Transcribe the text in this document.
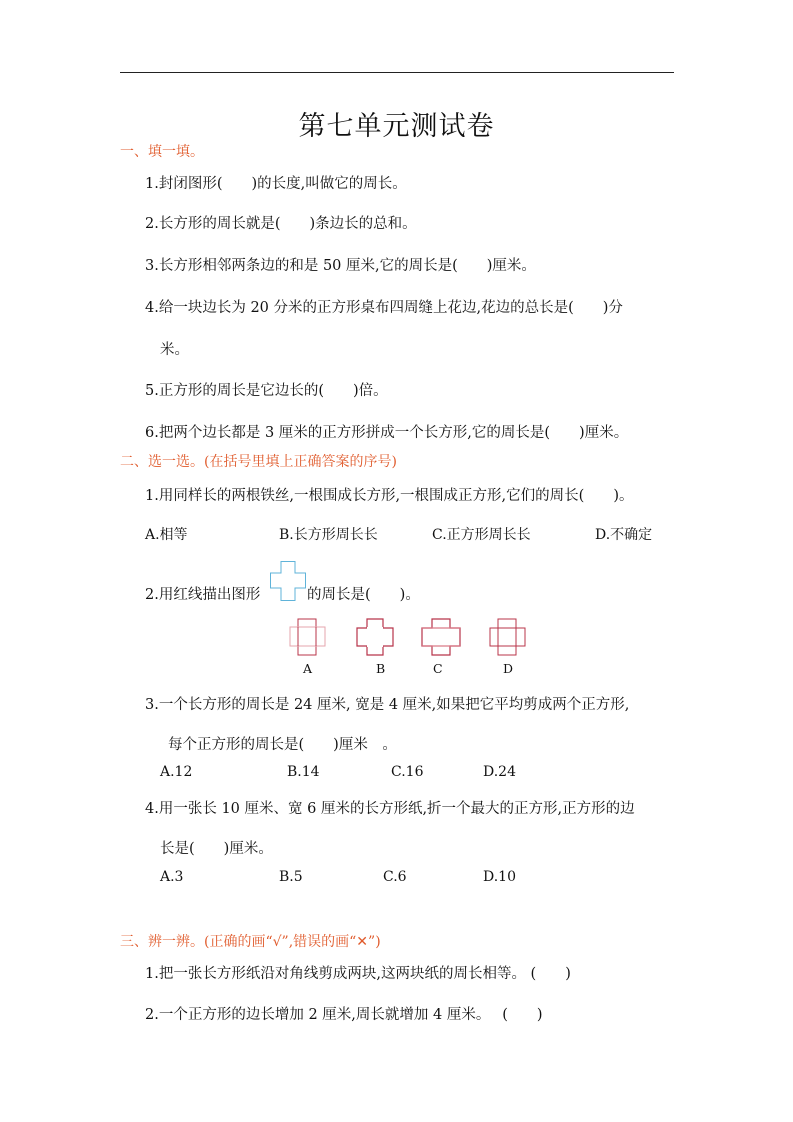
第七单元测试卷
一、填一填。
1.封闭图形(　　)的长度,叫做它的周长。
2.长方形的周长就是(　　)条边长的总和。
3.长方形相邻两条边的和是 50 厘米,它的周长是(　　)厘米。
4.给一块边长为 20 分米的正方形桌布四周缝上花边,花边的总长是(　　)分
米。
5.正方形的周长是它边长的(　　)倍。
6.把两个边长都是 3 厘米的正方形拼成一个长方形,它的周长是(　　)厘米。
二、选一选。(在括号里填上正确答案的序号)
1.用同样长的两根铁丝,一根围成长方形,一根围成正方形,它们的周长(　　)。
A.相等	B.长方形周长长	C.正方形周长长	D.不确定
2.用红线描出图形	的周长是(　　)。
A	B	C	D
3.一个长方形的周长是 24 厘米, 宽是 4 厘米,如果把它平均剪成两个正方形,
每个正方形的周长是(　　)厘米　。
A.12	B.14	C.16	D.24
4.用一张长 10 厘米、宽 6 厘米的长方形纸,折一个最大的正方形,正方形的边
长是(　　)厘米。
A.3	B.5	C.6	D.10
三、辨一辨。(正确的画“√”,错误的画“✕”)
1.把一张长方形纸沿对角线剪成两块,这两块纸的周长相等。 (　　)
2.一个正方形的边长增加 2 厘米,周长就增加 4 厘米。　 (　　)
